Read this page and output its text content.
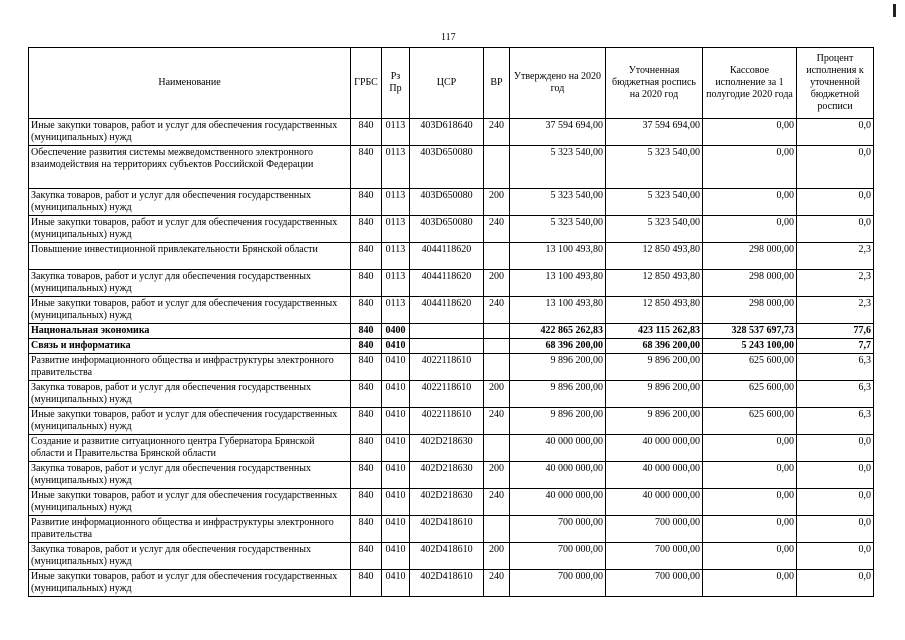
117
Наименование	ГРБС	Рз Пр	ЦСР	ВР	Утверждено на 2020 год	Уточненная бюджетная роспись на 2020 год	Кассовое исполнение за 1 полугодие 2020 года	Процент исполнения к уточненной бюджетной росписи
Иные закупки товаров, работ и услуг для обеспечения государственных (муниципальных) нужд	840	0113	403D618640	240	37 594 694,00	37 594 694,00	0,00	0,0
Обеспечение развития системы межведомственного электронного взаимодействия на территориях субъектов Российской Федерации	840	0113	403D650080		5 323 540,00	5 323 540,00	0,00	0,0
Закупка товаров, работ и услуг для обеспечения государственных (муниципальных) нужд	840	0113	403D650080	200	5 323 540,00	5 323 540,00	0,00	0,0
Иные закупки товаров, работ и услуг для обеспечения государственных (муниципальных) нужд	840	0113	403D650080	240	5 323 540,00	5 323 540,00	0,00	0,0
Повышение инвестиционной привлекательности Брянской области	840	0113	4044118620		13 100 493,80	12 850 493,80	298 000,00	2,3
Закупка товаров, работ и услуг для обеспечения государственных (муниципальных) нужд	840	0113	4044118620	200	13 100 493,80	12 850 493,80	298 000,00	2,3
Иные закупки товаров, работ и услуг для обеспечения государственных (муниципальных) нужд	840	0113	4044118620	240	13 100 493,80	12 850 493,80	298 000,00	2,3
Национальная экономика	840	0400			422 865 262,83	423 115 262,83	328 537 697,73	77,6
Связь и информатика	840	0410			68 396 200,00	68 396 200,00	5 243 100,00	7,7
Развитие информационного общества и инфраструктуры электронного правительства	840	0410	4022118610		9 896 200,00	9 896 200,00	625 600,00	6,3
Закупка товаров, работ и услуг для обеспечения государственных (муниципальных) нужд	840	0410	4022118610	200	9 896 200,00	9 896 200,00	625 600,00	6,3
Иные закупки товаров, работ и услуг для обеспечения государственных (муниципальных) нужд	840	0410	4022118610	240	9 896 200,00	9 896 200,00	625 600,00	6,3
Создание и развитие ситуационного центра Губернатора Брянской области и Правительства Брянской области	840	0410	402D218630		40 000 000,00	40 000 000,00	0,00	0,0
Закупка товаров, работ и услуг для обеспечения государственных (муниципальных) нужд	840	0410	402D218630	200	40 000 000,00	40 000 000,00	0,00	0,0
Иные закупки товаров, работ и услуг для обеспечения государственных (муниципальных) нужд	840	0410	402D218630	240	40 000 000,00	40 000 000,00	0,00	0,0
Развитие информационного общества и инфраструктуры электронного правительства	840	0410	402D418610		700 000,00	700 000,00	0,00	0,0
Закупка товаров, работ и услуг для обеспечения государственных (муниципальных) нужд	840	0410	402D418610	200	700 000,00	700 000,00	0,00	0,0
Иные закупки товаров, работ и услуг для обеспечения государственных (муниципальных) нужд	840	0410	402D418610	240	700 000,00	700 000,00	0,00	0,0
